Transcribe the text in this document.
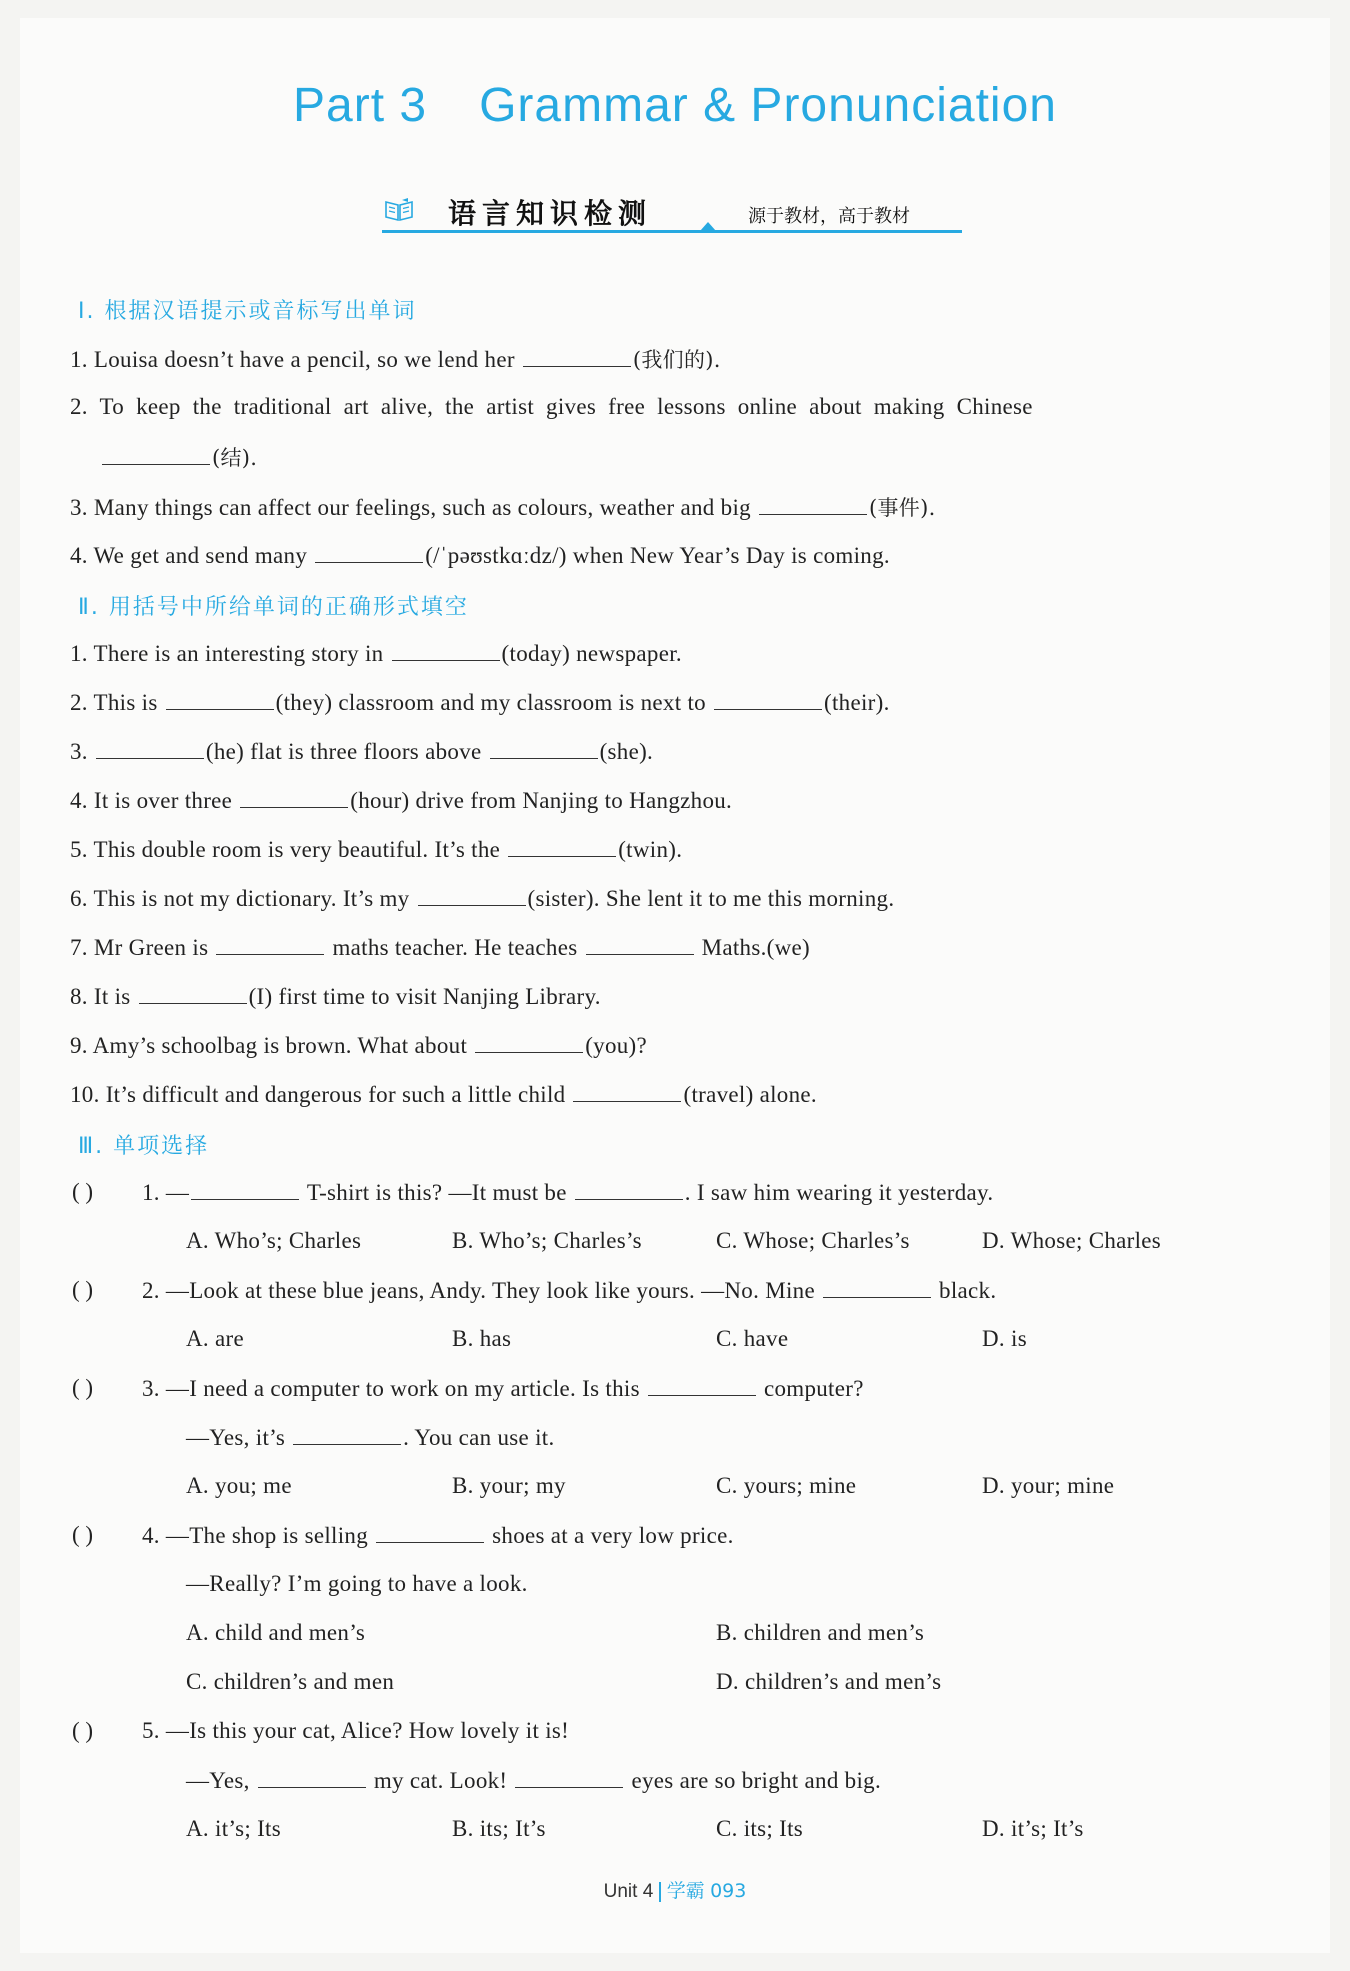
Part 3 Grammar & Pronunciation
语言知识检测	源于教材，高于教材
Ⅰ. 根据汉语提示或音标写出单词
1. Louisa doesn’t have a pencil, so we lend her	(我们的).
2. To keep the traditional art alive, the artist gives free lessons online about making Chinese
(结).
3. Many things can affect our feelings, such as colours, weather and big	(事件).
4. We get and send many	(/ˈpəʊstkɑːdz/) when New Year’s Day is coming.
Ⅱ. 用括号中所给单词的正确形式填空
1. There is an interesting story in	(today) newspaper.
2. This is	(they) classroom and my classroom is next to	(their).
3.	(he) flat is three floors above	(she).
4. It is over three	(hour) drive from Nanjing to Hangzhou.
5. This double room is very beautiful. It’s the	(twin).
6. This is not my dictionary. It’s my	(sister). She lent it to me this morning.
7. Mr Green is	maths teacher. He teaches	Maths.(we)
8. It is	(I) first time to visit Nanjing Library.
9. Amy’s schoolbag is brown. What about	(you)?
10. It’s difficult and dangerous for such a little child	(travel) alone.
Ⅲ. 单项选择
( ) 1. —	T-shirt is this? —It must be	. I saw him wearing it yesterday.
A. Who’s; Charles	B. Who’s; Charles’s	C. Whose; Charles’s	D. Whose; Charles
( ) 2. —Look at these blue jeans, Andy. They look like yours. —No. Mine	black.
A. are	B. has	C. have	D. is
( ) 3. —I need a computer to work on my article. Is this	computer?
—Yes, it’s	. You can use it.
A. you; me	B. your; my	C. yours; mine	D. your; mine
( ) 4. —The shop is selling	shoes at a very low price.
—Really? I’m going to have a look.
A. child and men’s	B. children and men’s
C. children’s and men	D. children’s and men’s
( ) 5. —Is this your cat, Alice? How lovely it is!
—Yes,	my cat. Look!	eyes are so bright and big.
A. it’s; Its	B. its; It’s	C. its; Its	D. it’s; It’s
Unit 4 学霸 093
